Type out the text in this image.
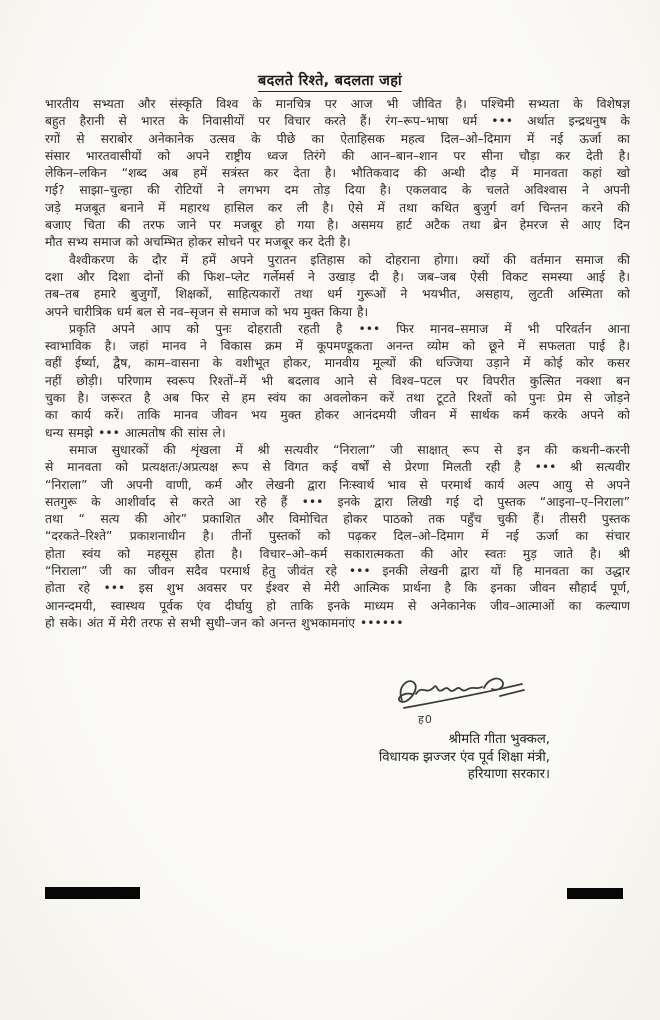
बदलते रिश्ते, बदलता जहां
भारतीय सभ्यता और संस्कृति विश्व के मानचित्र पर आज भी जीवित है। पश्चिमी सभ्यता के विशेषज्ञ
बहुत हैरानी से भारत के निवासीयों पर विचार करते हैं। रंग–रूप–भाषा धर्म ••• अर्थात इन्द्रधनुष के
रगों से सराबोर अनेकानेक उत्सव के पीछे का ऐताहिसक महत्व दिल–ओ–दिमाग में नई ऊर्जा का
संसार भारतवासीयों को अपने राष्ट्रीय ध्वज तिरंगे की आन–बान–शान पर सीना चौड़ा कर देती है।
लेकिन–लकिन “शब्द अब हमें सत्रंस्त कर देता है। भौतिकवाद की अन्धी दौड़ में मानवता कहां खो
गई? साझा–चुल्हा की रोटियों ने लगभग दम तोड़ दिया है। एकलवाद के चलते अविश्वास ने अपनी
जड़े मजबूत बनाने में महारथ हासिल कर ली है। ऐसे में तथा कथित बुजुर्ग वर्ग चिन्तन करने की
बजाए चिता की तरफ जाने पर मजबूर हो गया है। असमय हार्ट अटैक तथा ब्रेन हेमरज से आए दिन
मौत सभ्य समाज को अचम्भित होकर सोचने पर मजबूर कर देती है।
वैश्वीकरण के दौर में हमें अपने पुरातन इतिहास को दोहराना होगा। क्यों की वर्तमान समाज की
दशा और दिशा दोनों की फिश–प्लेट गर्लेमर्स ने उखाड़ दी है। जब–जब ऐसी विकट समस्या आई है।
तब–तब हमारे बुजुर्गों, शिक्षकों, साहित्यकारों तथा धर्म गुरूओं ने भयभीत, असहाय, लुटती अस्मिता को
अपने चारीत्रिक धर्म बल से नव–सृजन से समाज को भय मुक्त किया है।
प्रकृति अपने आप को पुनः दोहराती रहती है ••• फिर मानव–समाज में भी परिवर्तन आना
स्वाभाविक है। जहां मानव ने विकास क्रम में कूपमण्डूकता अनन्त व्योम को छूने में सफलता पाई है।
वहीं ईर्ष्या, द्वैष, काम–वासना के वशीभूत होकर, मानवीय मूल्यों की धज्जिया उड़ाने में कोई कोर कसर
नहीं छोड़ी। परिणाम स्वरूप रिश्तों–में भी बदलाव आने से विश्व–पटल पर विपरीत कुत्सित नक्शा बन
चुका है। जरूरत है अब फिर से हम स्वंय का अवलोकन करें तथा टूटते रिश्तों को पुनः प्रेम से जोड़ने
का कार्य करें। ताकि मानव जीवन भय मुक्त होकर आनंदमयी जीवन में सार्थक कर्म करके अपने को
धन्य समझे ••• आत्मतोष की सांस ले।
समाज सुधारकों की शृंखला में श्री सत्यवीर “निराला” जी साक्षात् रूप से इन की कथनी–करनी
से मानवता को प्रत्यक्षतः/अप्रत्यक्ष रूप से विगत कई वर्षों से प्रेरणा मिलती रही है ••• श्री सत्यवीर
“निराला” जी अपनी वाणी, कर्म और लेखनी द्वारा निःस्वार्थ भाव से परमार्थ कार्य अल्प आयु से अपने
सतगुरू के आशीर्वाद से करते आ रहे हैं ••• इनके द्वारा लिखी गई दो पुस्तक “आइना–ए–निराला”
तथा “ सत्य की ओर” प्रकाशित और विमोचित होकर पाठको तक पहुँच चुकी हैं। तीसरी पुस्तक
“दरकते–रिश्ते” प्रकाशनाधीन है। तीनों पुस्तकों को पढ़कर दिल–ओ–दिमाग में नई ऊर्जा का संचार
होता स्वंय को महसूस होता है। विचार–ओ–कर्म सकारात्मकता की ओर स्वतः मुड़ जाते है। श्री
“निराला” जी का जीवन सदैव परमार्थ हेतु जीवंत रहे ••• इनकी लेखनी द्वारा यों हि मानवता का उद्धार
होता रहे ••• इस शुभ अवसर पर ईश्वर से मेरी आत्मिक प्रार्थना है कि इनका जीवन सौहार्द पूर्ण,
आनन्दमयी, स्वास्थय पूर्वक एंव दीर्घायु हो ताकि इनके माध्यम से अनेकानेक जीव–आत्माओं का कल्याण
हो सके। अंत में मेरी तरफ से सभी सुधी–जन को अनन्त शुभकामनांए ••••••
ह0
श्रीमति गीता भुक्कल,
विधायक झज्जर एंव पूर्व शिक्षा मंत्री,
हरियाणा सरकार।
